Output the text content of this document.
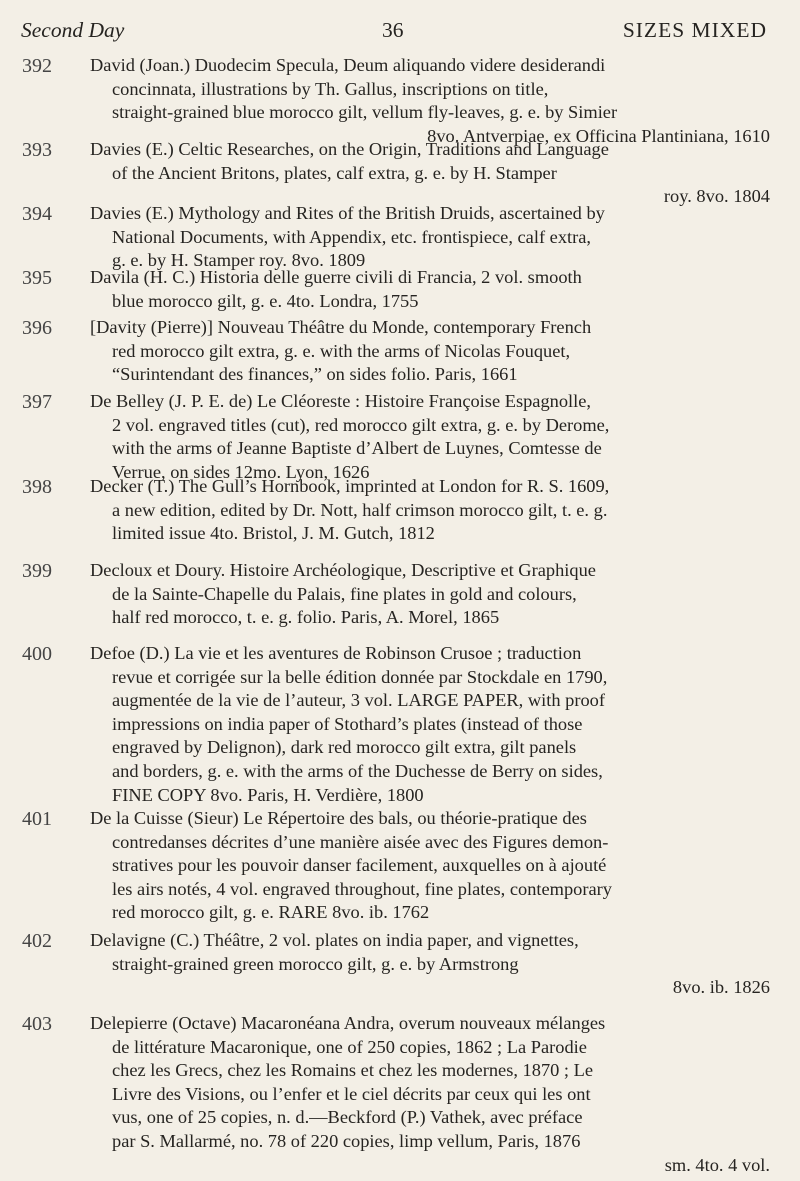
Second Day	36	SIZES MIXED
392 David (Joan.) Duodecim Specula, Deum aliquando videre desiderandi
concinnata, illustrations by Th. Gallus, inscriptions on title,
straight-grained blue morocco gilt, vellum fly-leaves, g. e. by Simier
8vo. Antverpiae, ex Officina Plantiniana, 1610
393 Davies (E.) Celtic Researches, on the Origin, Traditions and Language
of the Ancient Britons, plates, calf extra, g. e. by H. Stamper
roy. 8vo. 1804
394 Davies (E.) Mythology and Rites of the British Druids, ascertained by
National Documents, with Appendix, etc. frontispiece, calf extra,
g. e. by H. Stamper roy. 8vo. 1809
395 Davila (H. C.) Historia delle guerre civili di Francia, 2 vol. smooth
blue morocco gilt, g. e. 4to. Londra, 1755
396 [Davity (Pierre)] Nouveau Théâtre du Monde, contemporary French
red morocco gilt extra, g. e. with the arms of Nicolas Fouquet,
“Surintendant des finances,” on sides folio. Paris, 1661
397 De Belley (J. P. E. de) Le Cléoreste : Histoire Françoise Espagnolle,
2 vol. engraved titles (cut), red morocco gilt extra, g. e. by Derome,
with the arms of Jeanne Baptiste d’Albert de Luynes, Comtesse de
Verrue, on sides 12mo. Lyon, 1626
398 Decker (T.) The Gull’s Hornbook, imprinted at London for R. S. 1609,
a new edition, edited by Dr. Nott, half crimson morocco gilt, t. e. g.
limited issue 4to. Bristol, J. M. Gutch, 1812
399 Decloux et Doury. Histoire Archéologique, Descriptive et Graphique
de la Sainte-Chapelle du Palais, fine plates in gold and colours,
half red morocco, t. e. g. folio. Paris, A. Morel, 1865
400 Defoe (D.) La vie et les aventures de Robinson Crusoe ; traduction
revue et corrigée sur la belle édition donnée par Stockdale en 1790,
augmentée de la vie de l’auteur, 3 vol. LARGE PAPER, with proof
impressions on india paper of Stothard’s plates (instead of those
engraved by Delignon), dark red morocco gilt extra, gilt panels
and borders, g. e. with the arms of the Duchesse de Berry on sides,
FINE COPY 8vo. Paris, H. Verdière, 1800
401 De la Cuisse (Sieur) Le Répertoire des bals, ou théorie-pratique des
contredanses décrites d’une manière aisée avec des Figures demon-
stratives pour les pouvoir danser facilement, auxquelles on à ajouté
les airs notés, 4 vol. engraved throughout, fine plates, contemporary
red morocco gilt, g. e. RARE 8vo. ib. 1762
402 Delavigne (C.) Théâtre, 2 vol. plates on india paper, and vignettes,
straight-grained green morocco gilt, g. e. by Armstrong
8vo. ib. 1826
403 Delepierre (Octave) Macaronéana Andra, overum nouveaux mélanges
de littérature Macaronique, one of 250 copies, 1862 ; La Parodie
chez les Grecs, chez les Romains et chez les modernes, 1870 ; Le
Livre des Visions, ou l’enfer et le ciel décrits par ceux qui les ont
vus, one of 25 copies, n. d.—Beckford (P.) Vathek, avec préface
par S. Mallarmé, no. 78 of 220 copies, limp vellum, Paris, 1876
sm. 4to. 4 vol.
